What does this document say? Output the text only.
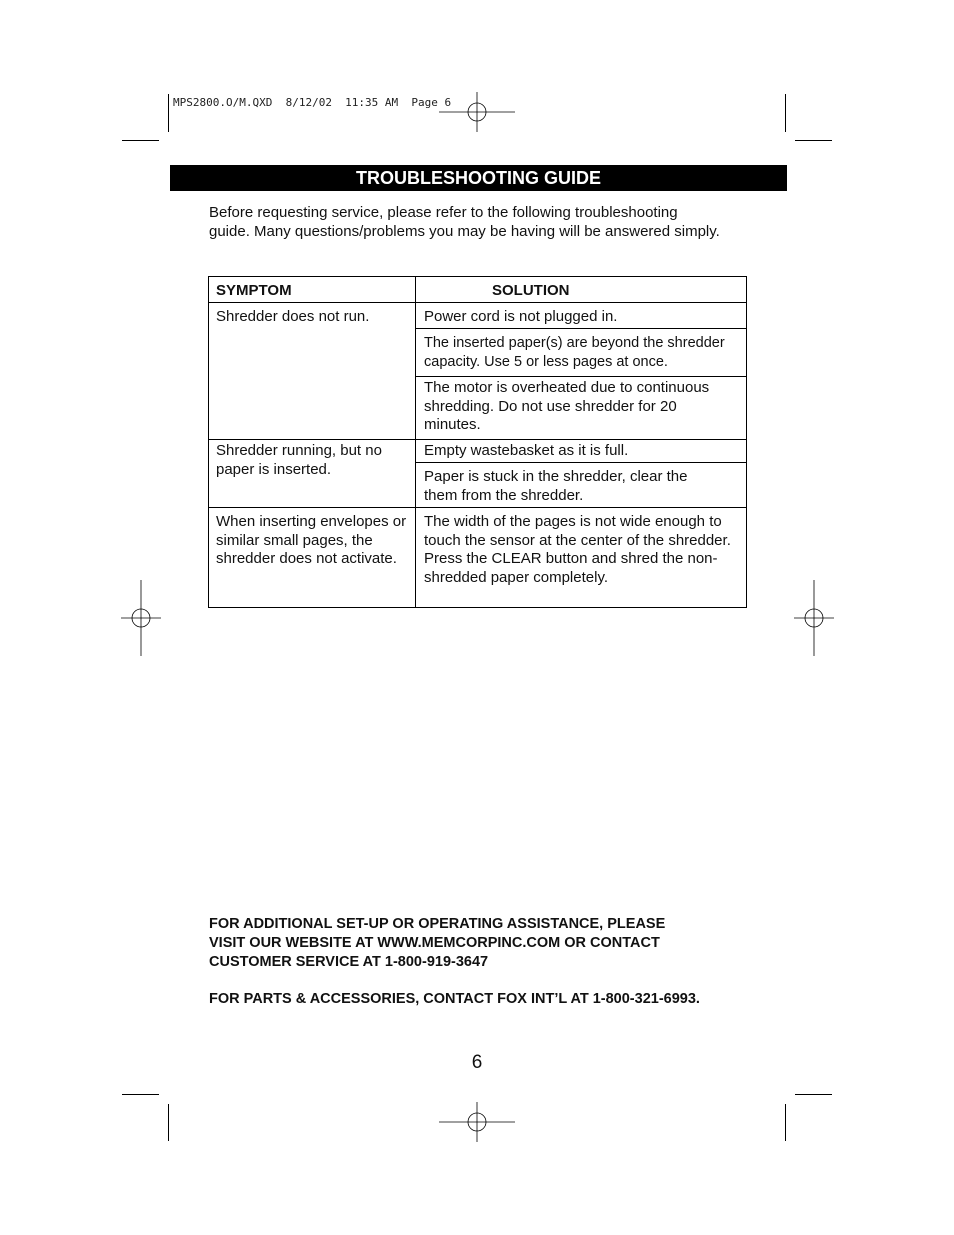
MPS2800.O/M.QXD  8/12/02  11:35 AM  Page 6
TROUBLESHOOTING GUIDE
Before requesting service, please refer to the following troubleshooting
guide. Many questions/problems you may be having will be answered simply.
SYMPTOM	SOLUTION
Shredder does not run.	Power cord is not plugged in.
The inserted paper(s) are beyond the shredder
capacity. Use 5 or less pages at once.
The motor is overheated due to continuous
shredding. Do not use shredder for 20
minutes.
Shredder running, but no
paper is inserted.
Empty wastebasket as it is full.
Paper is stuck in the shredder, clear the
them from the shredder.
When inserting envelopes or
similar small pages, the
shredder does not activate.
The width of the pages is not wide enough to
touch the sensor at the center of the shredder.
Press the CLEAR button and shred the non-
shredded paper completely.
FOR ADDITIONAL SET-UP OR OPERATING ASSISTANCE, PLEASE
VISIT OUR WEBSITE AT WWW.MEMCORPINC.COM OR CONTACT
CUSTOMER SERVICE AT 1-800-919-3647
FOR PARTS & ACCESSORIES, CONTACT FOX INT’L AT 1-800-321-6993.
6
